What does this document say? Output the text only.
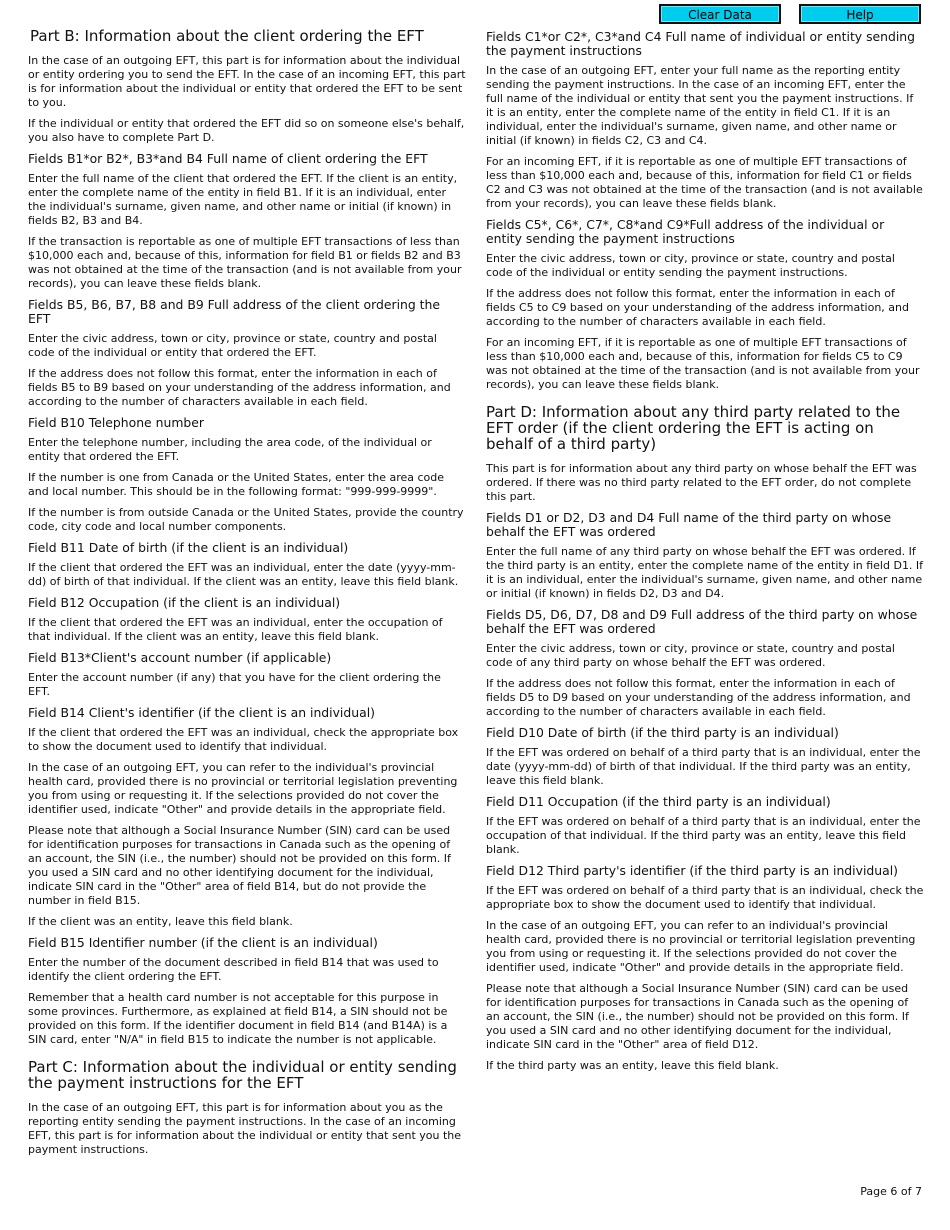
Clear Data	Help
Part B: Information about the client ordering the EFT

In the case of an outgoing EFT, this part is for information about the individual or entity ordering you to send the EFT. In the case of an incoming EFT, this part is for information about the individual or entity that ordered the EFT to be sent to you.

If the individual or entity that ordered the EFT did so on someone else's behalf, you also have to complete Part D.

Fields B1*or B2*, B3*and B4 Full name of client ordering the EFT

Enter the full name of the client that ordered the EFT. If the client is an entity, enter the complete name of the entity in field B1. If it is an individual, enter the individual's surname, given name, and other name or initial (if known) in fields B2, B3 and B4.

If the transaction is reportable as one of multiple EFT transactions of less than $10,000 each and, because of this, information for field B1 or fields B2 and B3 was not obtained at the time of the transaction (and is not available from your records), you can leave these fields blank.

Fields B5, B6, B7, B8 and B9 Full address of the client ordering the EFT

Enter the civic address, town or city, province or state, country and postal code of the individual or entity that ordered the EFT.

If the address does not follow this format, enter the information in each of fields B5 to B9 based on your understanding of the address information, and according to the number of characters available in each field.

Field B10 Telephone number

Enter the telephone number, including the area code, of the individual or entity that ordered the EFT.

If the number is one from Canada or the United States, enter the area code and local number. This should be in the following format: "999-999-9999".

If the number is from outside Canada or the United States, provide the country code, city code and local number components.

Field B11 Date of birth (if the client is an individual)

If the client that ordered the EFT was an individual, enter the date (yyyy-mm-dd) of birth of that individual. If the client was an entity, leave this field blank.

Field B12 Occupation (if the client is an individual)

If the client that ordered the EFT was an individual, enter the occupation of that individual. If the client was an entity, leave this field blank.

Field B13*Client's account number (if applicable)

Enter the account number (if any) that you have for the client ordering the EFT.

Field B14 Client's identifier (if the client is an individual)

If the client that ordered the EFT was an individual, check the appropriate box to show the document used to identify that individual.

In the case of an outgoing EFT, you can refer to the individual's provincial health card, provided there is no provincial or territorial legislation preventing you from using or requesting it. If the selections provided do not cover the identifier used, indicate "Other" and provide details in the appropriate field.

Please note that although a Social Insurance Number (SIN) card can be used for identification purposes for transactions in Canada such as the opening of an account, the SIN (i.e., the number) should not be provided on this form. If you used a SIN card and no other identifying document for the individual, indicate SIN card in the "Other" area of field B14, but do not provide the number in field B15.

If the client was an entity, leave this field blank.

Field B15 Identifier number (if the client is an individual)

Enter the number of the document described in field B14 that was used to identify the client ordering the EFT.

Remember that a health card number is not acceptable for this purpose in some provinces. Furthermore, as explained at field B14, a SIN should not be provided on this form. If the identifier document in field B14 (and B14A) is a SIN card, enter "N/A" in field B15 to indicate the number is not applicable.

Part C: Information about the individual or entity sending the payment instructions for the EFT

In the case of an outgoing EFT, this part is for information about you as the reporting entity sending the payment instructions. In the case of an incoming EFT, this part is for information about the individual or entity that sent you the payment instructions.

Fields C1*or C2*, C3*and C4 Full name of individual or entity sending the payment instructions

In the case of an outgoing EFT, enter your full name as the reporting entity sending the payment instructions. In the case of an incoming EFT, enter the full name of the individual or entity that sent you the payment instructions. If it is an entity, enter the complete name of the entity in field C1. If it is an individual, enter the individual's surname, given name, and other name or initial (if known) in fields C2, C3 and C4.

For an incoming EFT, if it is reportable as one of multiple EFT transactions of less than $10,000 each and, because of this, information for field C1 or fields C2 and C3 was not obtained at the time of the transaction (and is not available from your records), you can leave these fields blank.

Fields C5*, C6*, C7*, C8*and C9*Full address of the individual or entity sending the payment instructions

Enter the civic address, town or city, province or state, country and postal code of the individual or entity sending the payment instructions.

If the address does not follow this format, enter the information in each of fields C5 to C9 based on your understanding of the address information, and according to the number of characters available in each field.

For an incoming EFT, if it is reportable as one of multiple EFT transactions of less than $10,000 each and, because of this, information for fields C5 to C9 was not obtained at the time of the transaction (and is not available from your records), you can leave these fields blank.

Part D: Information about any third party related to the EFT order (if the client ordering the EFT is acting on behalf of a third party)

This part is for information about any third party on whose behalf the EFT was ordered. If there was no third party related to the EFT order, do not complete this part.

Fields D1 or D2, D3 and D4 Full name of the third party on whose behalf the EFT was ordered

Enter the full name of any third party on whose behalf the EFT was ordered. If the third party is an entity, enter the complete name of the entity in field D1. If it is an individual, enter the individual's surname, given name, and other name or initial (if known) in fields D2, D3 and D4.

Fields D5, D6, D7, D8 and D9 Full address of the third party on whose behalf the EFT was ordered

Enter the civic address, town or city, province or state, country and postal code of any third party on whose behalf the EFT was ordered.

If the address does not follow this format, enter the information in each of fields D5 to D9 based on your understanding of the address information, and according to the number of characters available in each field.

Field D10 Date of birth (if the third party is an individual)

If the EFT was ordered on behalf of a third party that is an individual, enter the date (yyyy-mm-dd) of birth of that individual. If the third party was an entity, leave this field blank.

Field D11 Occupation (if the third party is an individual)

If the EFT was ordered on behalf of a third party that is an individual, enter the occupation of that individual. If the third party was an entity, leave this field blank.

Field D12 Third party's identifier (if the third party is an individual)

If the EFT was ordered on behalf of a third party that is an individual, check the appropriate box to show the document used to identify that individual.

In the case of an outgoing EFT, you can refer to an individual's provincial health card, provided there is no provincial or territorial legislation preventing you from using or requesting it. If the selections provided do not cover the identifier used, indicate "Other" and provide details in the appropriate field.

Please note that although a Social Insurance Number (SIN) card can be used for identification purposes for transactions in Canada such as the opening of an account, the SIN (i.e., the number) should not be provided on this form. If you used a SIN card and no other identifying document for the individual, indicate SIN card in the "Other" area of field D12.

If the third party was an entity, leave this field blank.

Page 6 of 7
